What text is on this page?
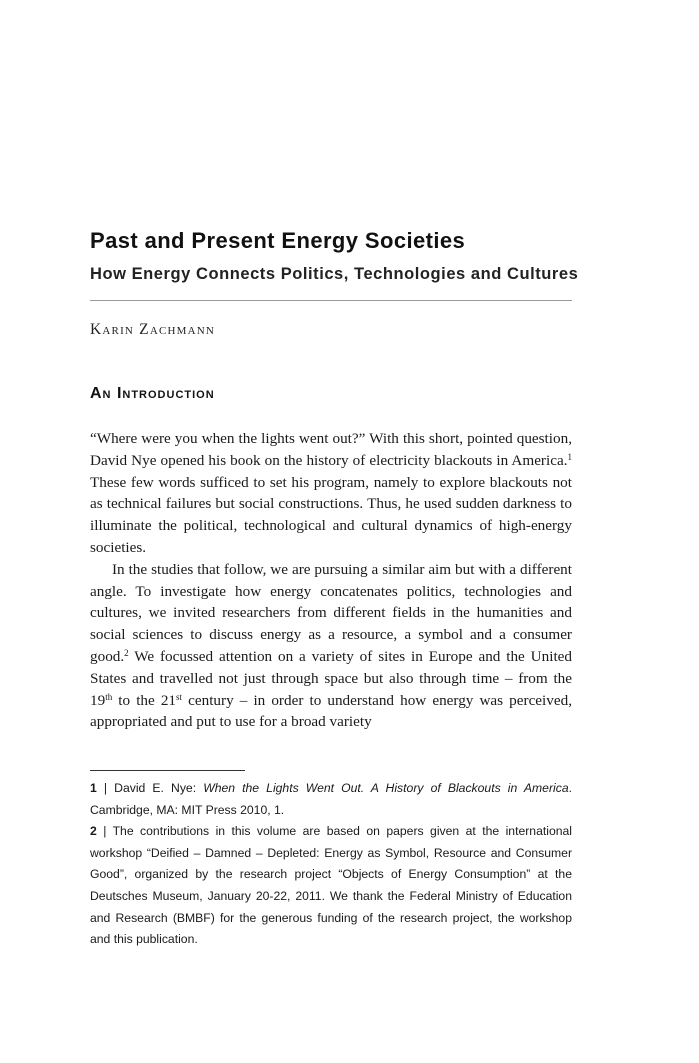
Past and Present Energy Societies
How Energy Connects Politics, Technologies and Cultures
Karin Zachmann
An Introduction

“Where were you when the lights went out?” With this short, pointed question, David Nye opened his book on the history of electricity blackouts in America.$^1$ These few words sufficed to set his program, namely to explore blackouts not as technical failures but social constructions. Thus, he used sudden darkness to illuminate the political, technological and cultural dynamics of high-energy societies.

In the studies that follow, we are pursuing a similar aim but with a different angle. To investigate how energy concatenates politics, technologies and cultures, we invited researchers from different fields in the humanities and social sciences to discuss energy as a resource, a symbol and a consumer good.$^2$ We focussed attention on a variety of sites in Europe and the United States and travelled not just through space but also through time – from the 19th to the 21st century – in order to understand how energy was perceived, appropriated and put to use for a broad variety

1 | David E. Nye: When the Lights Went Out. A History of Blackouts in America. Cambridge, MA: MIT Press 2010, 1.

2 | The contributions in this volume are based on papers given at the international workshop “Deified – Damned – Depleted: Energy as Symbol, Resource and Consumer Good”, organized by the research project “Objects of Energy Consumption” at the Deutsches Museum, January 20-22, 2011. We thank the Federal Ministry of Education and Research (BMBF) for the generous funding of the research project, the workshop and this publication.
